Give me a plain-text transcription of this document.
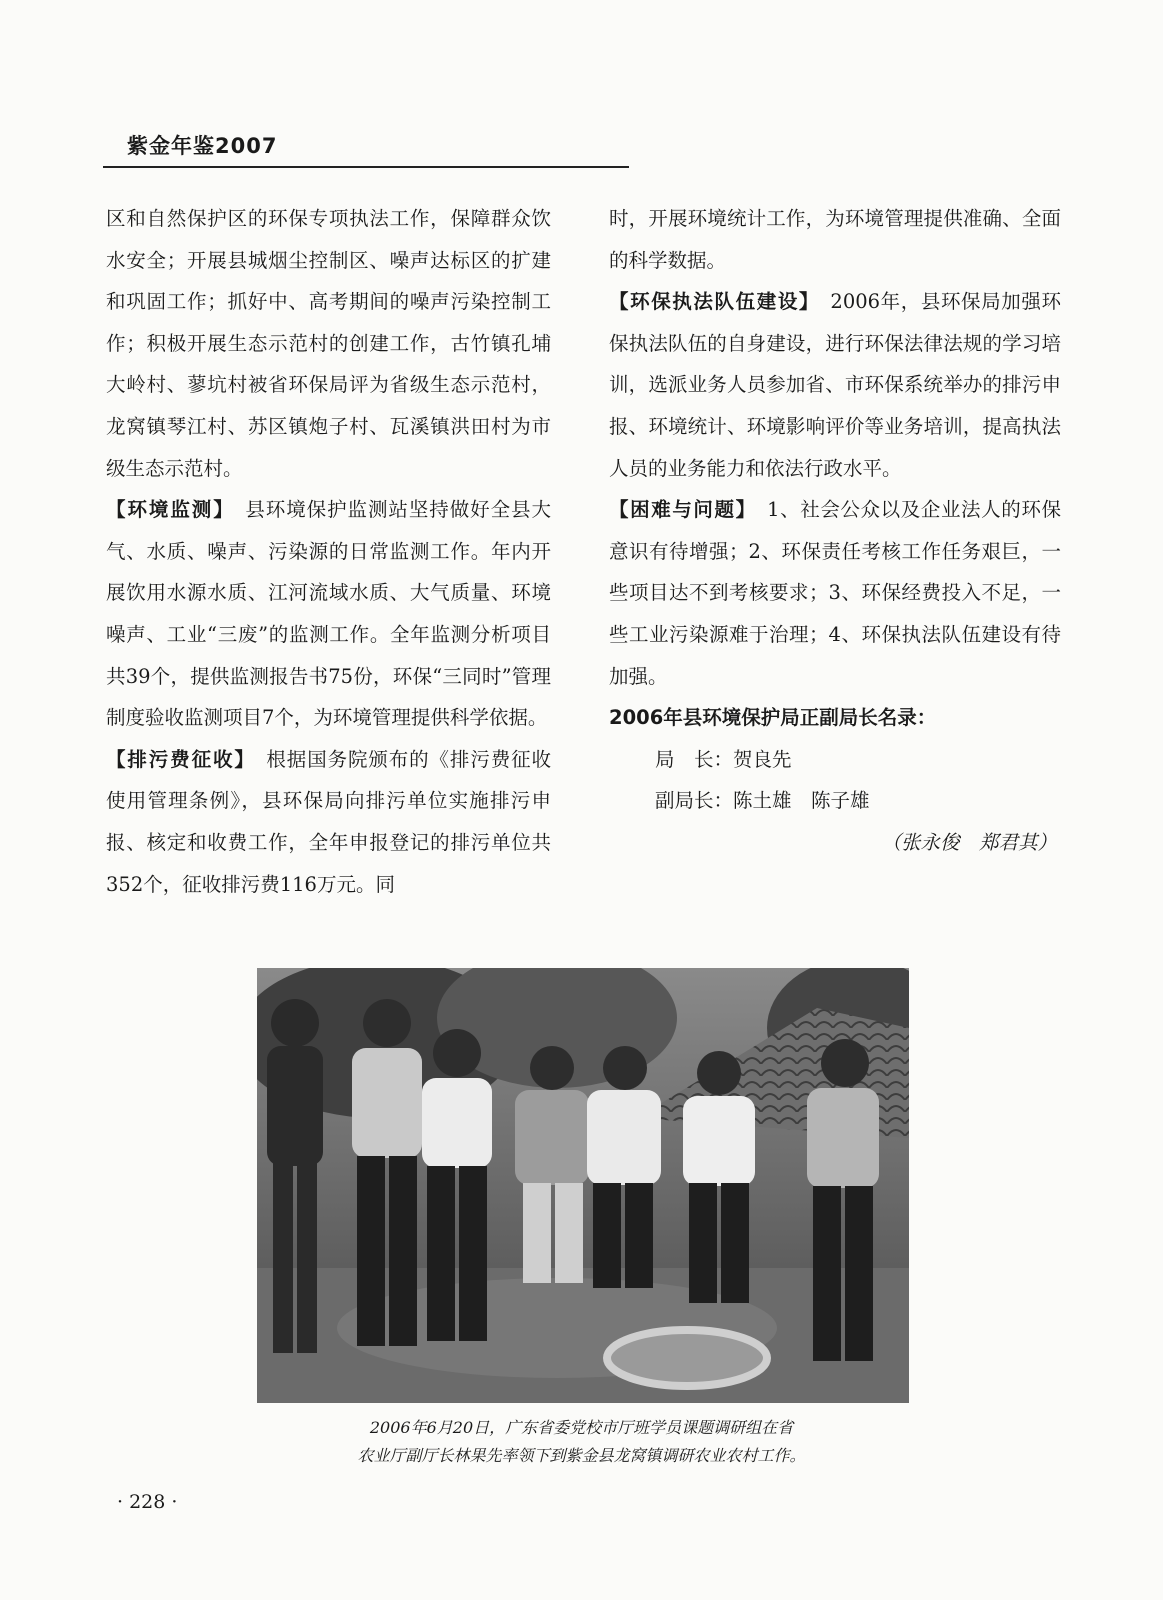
紫金年鉴2007

区和自然保护区的环保专项执法工作，保障群众饮水安全；开展县城烟尘控制区、噪声达标区的扩建和巩固工作；抓好中、高考期间的噪声污染控制工作；积极开展生态示范村的创建工作，古竹镇孔埔大岭村、蓼坑村被省环保局评为省级生态示范村，龙窝镇琴江村、苏区镇炮子村、瓦溪镇洪田村为市级生态示范村。

【环境监测】　 县环境保护监测站坚持做好全县大气、水质、噪声、污染源的日常监测工作。年内开展饮用水源水质、江河流域水质、大气质量、环境噪声、工业“三废”的监测工作。全年监测分析项目共39个，提供监测报告书75份，环保“三同时”管理制度验收监测项目7个，为环境管理提供科学依据。

【排污费征收】　 根据国务院颁布的《排污费征收使用管理条例》，县环保局向排污单位实施排污申报、核定和收费工作，全年申报登记的排污单位共352个，征收排污费116万元。同

时，开展环境统计工作，为环境管理提供准确、全面的科学数据。

【环保执法队伍建设】　 2006年，县环保局加强环保执法队伍的自身建设，进行环保法律法规的学习培训，选派业务人员参加省、市环保系统举办的排污申报、环境统计、环境影响评价等业务培训，提高执法人员的业务能力和依法行政水平。

【困难与问题】　 1、社会公众以及企业法人的环保意识有待增强；2、环保责任考核工作任务艰巨，一些项目达不到考核要求；3、环保经费投入不足，一些工业污染源难于治理；4、环保执法队伍建设有待加强。

2006年县环境保护局正副局长名录：

局　长：贺良先

副局长：陈土雄　陈子雄

（张永俊　郑君其）

2006年6月20日，广东省委党校市厅班学员课题调研组在省
农业厅副厅长林果先率领下到紫金县龙窝镇调研农业农村工作。
· 228 ·
